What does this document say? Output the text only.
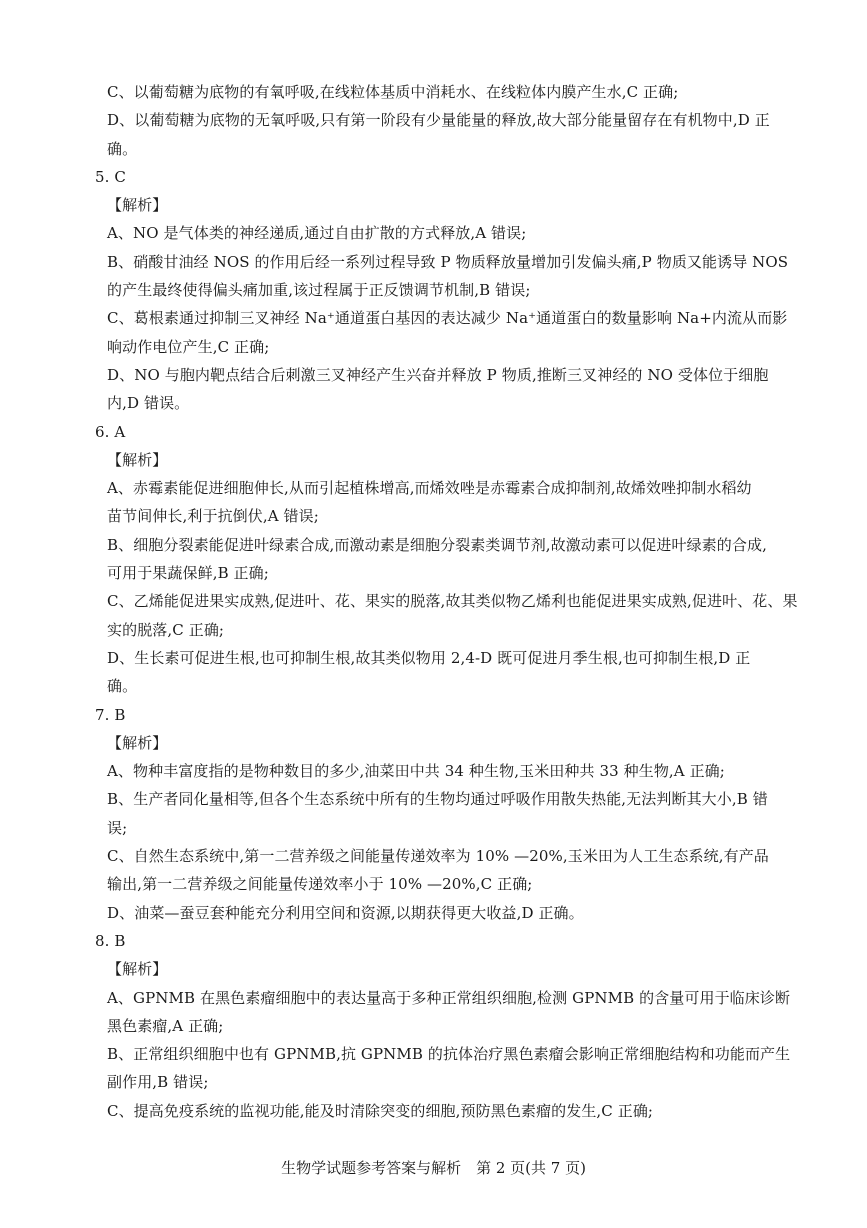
C、以葡萄糖为底物的有氧呼吸,在线粒体基质中消耗水、在线粒体内膜产生水,C 正确;
D、以葡萄糖为底物的无氧呼吸,只有第一阶段有少量能量的释放,故大部分能量留存在有机物中,D 正
确。
5. C
【解析】
A、NO 是气体类的神经递质,通过自由扩散的方式释放,A 错误;
B、硝酸甘油经 NOS 的作用后经一系列过程导致 P 物质释放量增加引发偏头痛,P 物质又能诱导 NOS
的产生最终使得偏头痛加重,该过程属于正反馈调节机制,B 错误;
C、葛根素通过抑制三叉神经 Na⁺通道蛋白基因的表达减少 Na⁺通道蛋白的数量影响 Na+内流从而影
响动作电位产生,C 正确;
D、NO 与胞内靶点结合后刺激三叉神经产生兴奋并释放 P 物质,推断三叉神经的 NO 受体位于细胞
内,D 错误。
6. A
【解析】
A、赤霉素能促进细胞伸长,从而引起植株增高,而烯效唑是赤霉素合成抑制剂,故烯效唑抑制水稻幼
苗节间伸长,利于抗倒伏,A 错误;
B、细胞分裂素能促进叶绿素合成,而激动素是细胞分裂素类调节剂,故激动素可以促进叶绿素的合成,
可用于果蔬保鲜,B 正确;
C、乙烯能促进果实成熟,促进叶、花、果实的脱落,故其类似物乙烯利也能促进果实成熟,促进叶、花、果
实的脱落,C 正确;
D、生长素可促进生根,也可抑制生根,故其类似物用 2,4-D 既可促进月季生根,也可抑制生根,D 正
确。
7. B
【解析】
A、物种丰富度指的是物种数目的多少,油菜田中共 34 种生物,玉米田种共 33 种生物,A 正确;
B、生产者同化量相等,但各个生态系统中所有的生物均通过呼吸作用散失热能,无法判断其大小,B 错
误;
C、自然生态系统中,第一二营养级之间能量传递效率为 10% —20%,玉米田为人工生态系统,有产品
输出,第一二营养级之间能量传递效率小于 10% —20%,C 正确;
D、油菜—蚕豆套种能充分利用空间和资源,以期获得更大收益,D 正确。
8. B
【解析】
A、GPNMB 在黑色素瘤细胞中的表达量高于多种正常组织细胞,检测 GPNMB 的含量可用于临床诊断
黑色素瘤,A 正确;
B、正常组织细胞中也有 GPNMB,抗 GPNMB 的抗体治疗黑色素瘤会影响正常细胞结构和功能而产生
副作用,B 错误;
C、提高免疫系统的监视功能,能及时清除突变的细胞,预防黑色素瘤的发生,C 正确;
生物学试题参考答案与解析　第 2 页(共 7 页)
